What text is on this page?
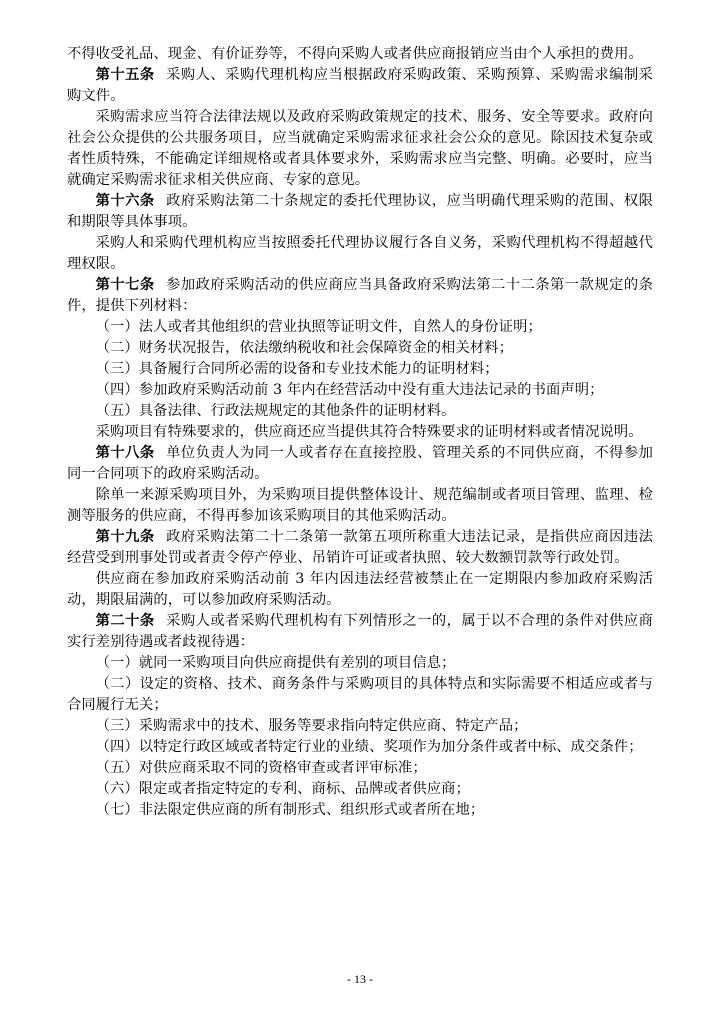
不得收受礼品、现金、有价证券等，不得向采购人或者供应商报销应当由个人承担的费用。

第十五条 采购人、采购代理机构应当根据政府采购政策、采购预算、采购需求编制采购文件。

采购需求应当符合法律法规以及政府采购政策规定的技术、服务、安全等要求。政府向社会公众提供的公共服务项目，应当就确定采购需求征求社会公众的意见。除因技术复杂或者性质特殊，不能确定详细规格或者具体要求外，采购需求应当完整、明确。必要时，应当就确定采购需求征求相关供应商、专家的意见。

第十六条 政府采购法第二十条规定的委托代理协议，应当明确代理采购的范围、权限和期限等具体事项。

采购人和采购代理机构应当按照委托代理协议履行各自义务，采购代理机构不得超越代理权限。

第十七条 参加政府采购活动的供应商应当具备政府采购法第二十二条第一款规定的条件，提供下列材料：

（一）法人或者其他组织的营业执照等证明文件，自然人的身份证明；

（二）财务状况报告，依法缴纳税收和社会保障资金的相关材料；

（三）具备履行合同所必需的设备和专业技术能力的证明材料；

（四）参加政府采购活动前 3 年内在经营活动中没有重大违法记录的书面声明；

（五）具备法律、行政法规规定的其他条件的证明材料。

采购项目有特殊要求的，供应商还应当提供其符合特殊要求的证明材料或者情况说明。

第十八条 单位负责人为同一人或者存在直接控股、管理关系的不同供应商，不得参加同一合同项下的政府采购活动。

除单一来源采购项目外，为采购项目提供整体设计、规范编制或者项目管理、监理、检测等服务的供应商，不得再参加该采购项目的其他采购活动。

第十九条 政府采购法第二十二条第一款第五项所称重大违法记录，是指供应商因违法经营受到刑事处罚或者责令停产停业、吊销许可证或者执照、较大数额罚款等行政处罚。

供应商在参加政府采购活动前 3 年内因违法经营被禁止在一定期限内参加政府采购活动，期限届满的，可以参加政府采购活动。

第二十条 采购人或者采购代理机构有下列情形之一的，属于以不合理的条件对供应商实行差别待遇或者歧视待遇：

（一）就同一采购项目向供应商提供有差别的项目信息；

（二）设定的资格、技术、商务条件与采购项目的具体特点和实际需要不相适应或者与合同履行无关；

（三）采购需求中的技术、服务等要求指向特定供应商、特定产品；

（四）以特定行政区域或者特定行业的业绩、奖项作为加分条件或者中标、成交条件；

（五）对供应商采取不同的资格审查或者评审标准；

（六）限定或者指定特定的专利、商标、品牌或者供应商；

（七）非法限定供应商的所有制形式、组织形式或者所在地；

- 13 -
